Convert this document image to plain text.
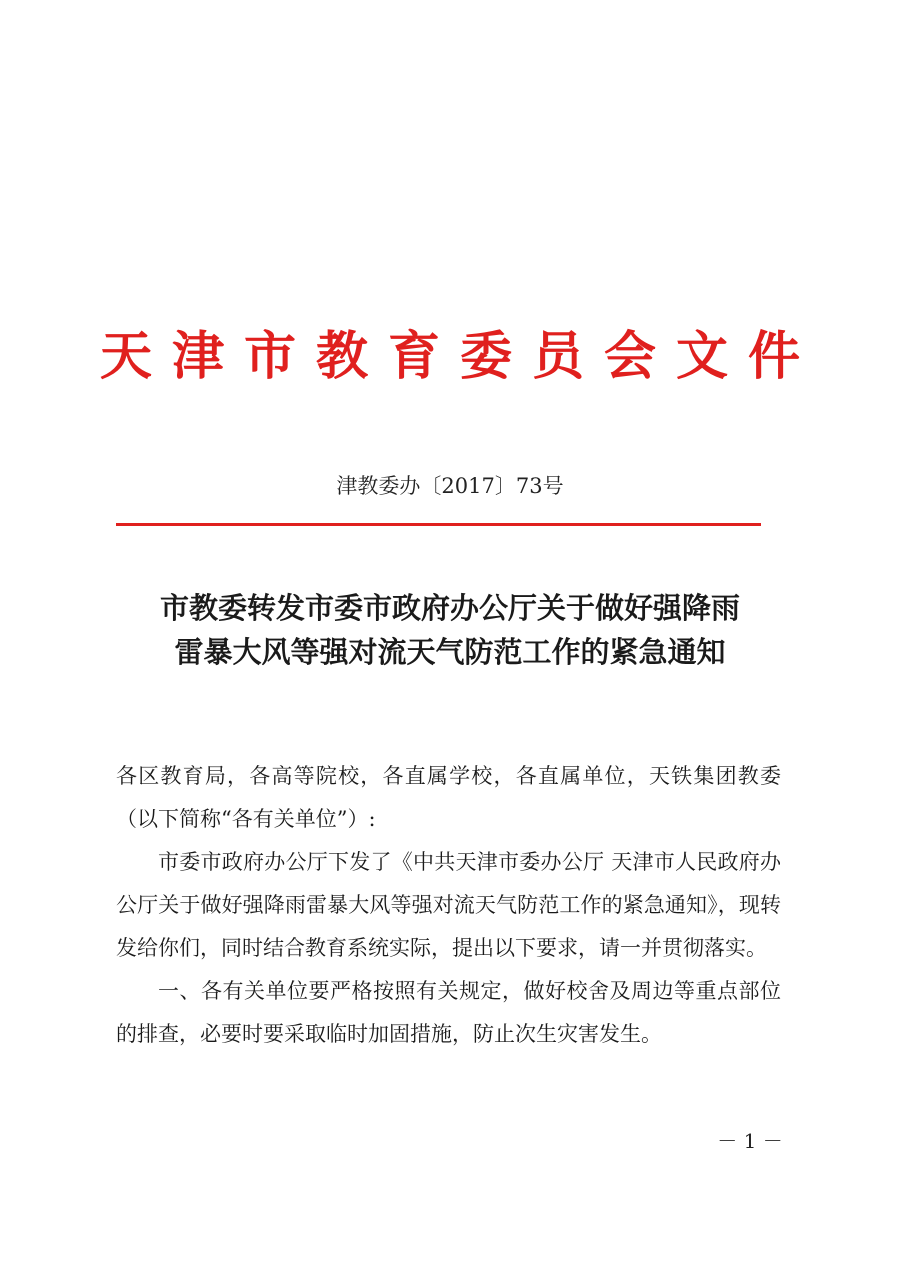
天津市教育委员会文件
津教委办〔2017〕73号
市教委转发市委市政府办公厅关于做好强降雨
雷暴大风等强对流天气防范工作的紧急通知

各区教育局，各高等院校，各直属学校，各直属单位，天铁集团教委（以下简称“各有关单位”）:

市委市政府办公厅下发了《中共天津市委办公厅 天津市人民政府办公厅关于做好强降雨雷暴大风等强对流天气防范工作的紧急通知》，现转发给你们，同时结合教育系统实际，提出以下要求，请一并贯彻落实。

一、各有关单位要严格按照有关规定，做好校舍及周边等重点部位的排查，必要时要采取临时加固措施，防止次生灾害发生。

－ 1 －
